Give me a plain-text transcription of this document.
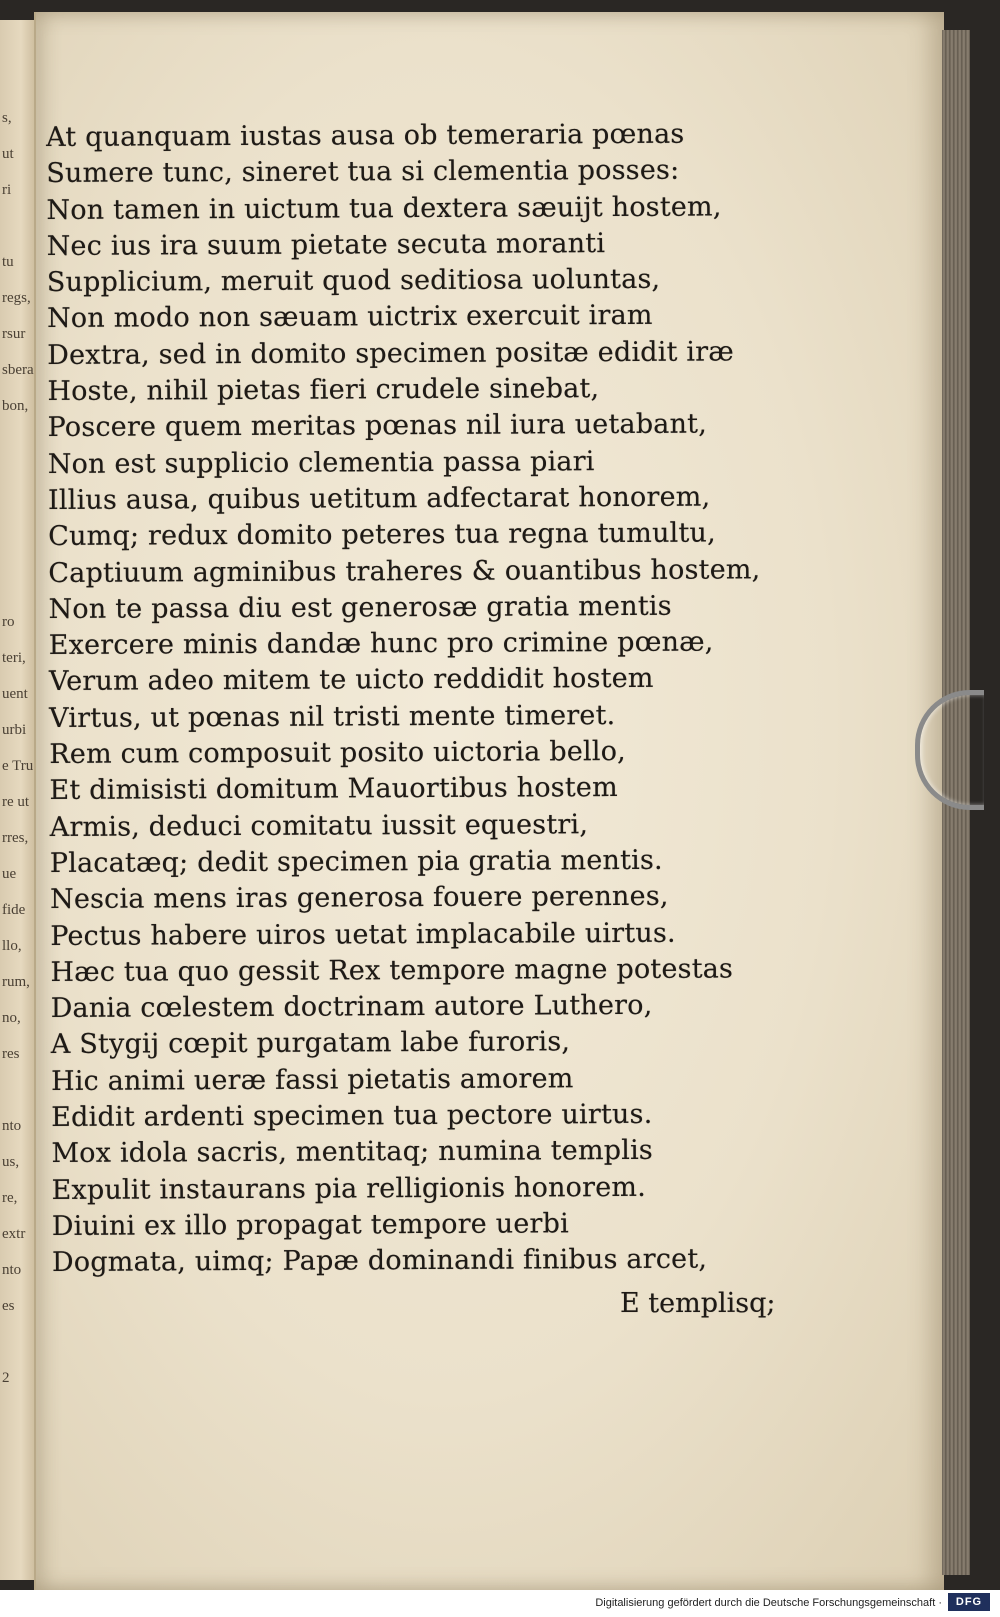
s,
ut
ri

tu
regs,
rsur
sbera
bon,

ro
teri,
uent
urbi
e Tru
re ut
rres,
ue
fide
llo,
rum,
no,
res

nto
us,
re,
extr
nto
es

2
At quanquam iustas ausa ob temeraria pœnas
Sumere tunc, sineret tua si clementia posses:
Non tamen in uictum tua dextera sæuijt hostem,
Nec ius ira suum pietate secuta moranti
Supplicium, meruit quod seditiosa uoluntas,
Non modo non sæuam uictrix exercuit iram
Dextra, sed in domito specimen positæ edidit iræ
Hoste, nihil pietas fieri crudele sinebat,
Poscere quem meritas pœnas nil iura uetabant,
Non est supplicio clementia passa piari
Illius ausa, quibus uetitum adfectarat honorem,
Cumq; redux domito peteres tua regna tumultu,
Captiuum agminibus traheres & ouantibus hostem,
Non te passa diu est generosæ gratia mentis
Exercere minis dandæ hunc pro crimine pœnæ,
Verum adeo mitem te uicto reddidit hostem
Virtus, ut pœnas nil tristi mente timeret.
Rem cum composuit posito uictoria bello,
Et dimisisti domitum Mauortibus hostem
Armis, deduci comitatu iussit equestri,
Placatæq; dedit specimen pia gratia mentis.
Nescia mens iras generosa fouere perennes,
Pectus habere uiros uetat implacabile uirtus.
Hæc tua quo gessit Rex tempore magne potestas
Dania cœlestem doctrinam autore Luthero,
A Stygij cœpit purgatam labe furoris,
Hic animi ueræ fassi pietatis amorem
Edidit ardenti specimen tua pectore uirtus.
Mox idola sacris, mentitaq; numina templis
Expulit instaurans pia relligionis honorem.
Diuini ex illo propagat tempore uerbi
Dogmata, uimq; Papæ dominandi finibus arcet,
E templisq;
Digitalisierung gefördert durch die Deutsche Forschungsgemeinschaft ·	DFG
